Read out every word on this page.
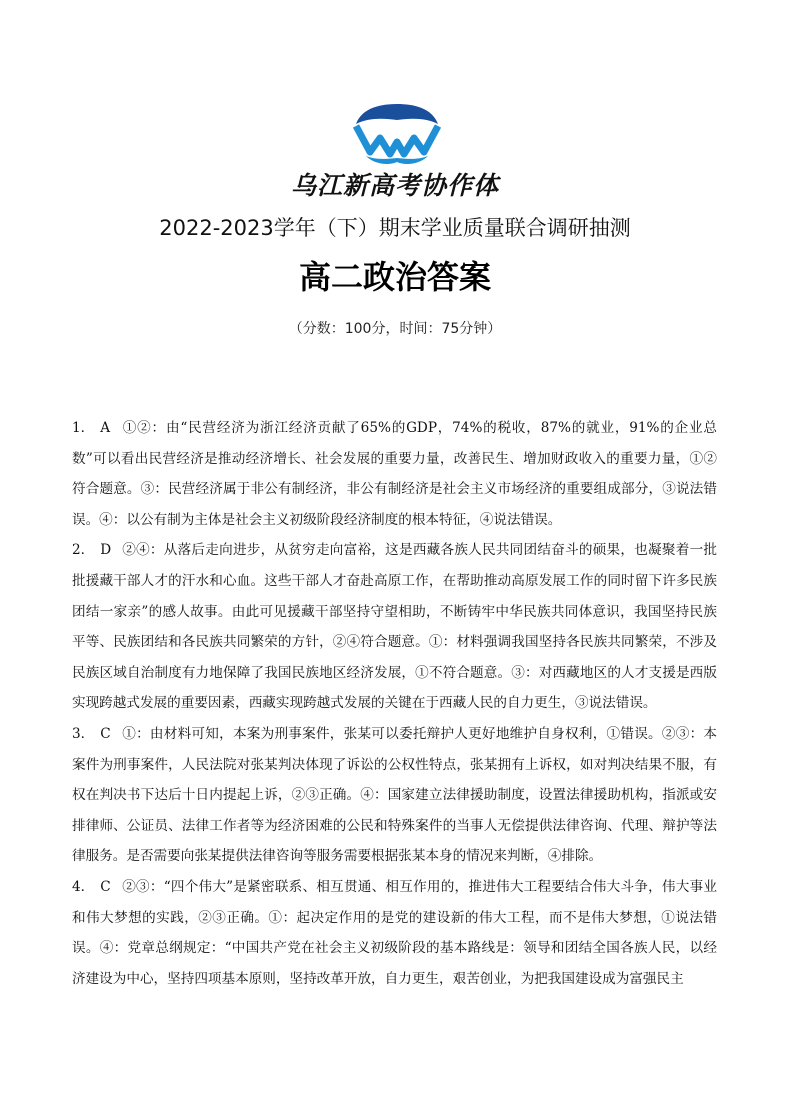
乌江新高考协作体
2022-2023学年（下）期末学业质量联合调研抽测
高二政治答案
（分数：100分，时间：75分钟）

1． A ①②：由“民营经济为浙江经济贡献了65%的GDP，74%的税收，87%的就业，91%的企业总数”可以看出民营经济是推动经济增长、社会发展的重要力量，改善民生、增加财政收入的重要力量，①②符合题意。③：民营经济属于非公有制经济，非公有制经济是社会主义市场经济的重要组成部分，③说法错误。④：以公有制为主体是社会主义初级阶段经济制度的根本特征，④说法错误。

2． D ②④：从落后走向进步，从贫穷走向富裕，这是西藏各族人民共同团结奋斗的硕果，也凝聚着一批批援藏干部人才的汗水和心血。这些干部人才奋赴高原工作，在帮助推动高原发展工作的同时留下许多民族团结一家亲”的感人故事。由此可见援藏干部坚持守望相助，不断铸牢中华民族共同体意识，我国坚持民族平等、民族团结和各民族共同繁荣的方针，②④符合题意。①：材料强调我国坚持各民族共同繁荣，不涉及民族区域自治制度有力地保障了我国民族地区经济发展，①不符合题意。③：对西藏地区的人才支援是西版实现跨越式发展的重要因素，西藏实现跨越式发展的关键在于西藏人民的自力更生，③说法错误。

3． C ①：由材料可知，本案为刑事案件，张某可以委托辩护人更好地维护自身权利，①错误。②③：本案件为刑事案件，人民法院对张某判决体现了诉讼的公权性特点，张某拥有上诉权，如对判决结果不服，有权在判决书下达后十日内提起上诉，②③正确。④：国家建立法律援助制度，设置法律援助机构，指派或安排律师、公证员、法律工作者等为经济困难的公民和特殊案件的当事人无偿提供法律咨询、代理、辩护等法律服务。是否需要向张某提供法律咨询等服务需要根据张某本身的情况来判断，④排除。

4． C ②③：“四个伟大”是紧密联系、相互贯通、相互作用的，推进伟大工程要结合伟大斗争，伟大事业和伟大梦想的实践，②③正确。①：起决定作用的是党的建设新的伟大工程，而不是伟大梦想，①说法错误。④：党章总纲规定：“中国共产党在社会主义初级阶段的基本路线是：领导和团结全国各族人民，以经济建设为中心，坚持四项基本原则，坚持改革开放，自力更生，艰苦创业，为把我国建设成为富强民主
